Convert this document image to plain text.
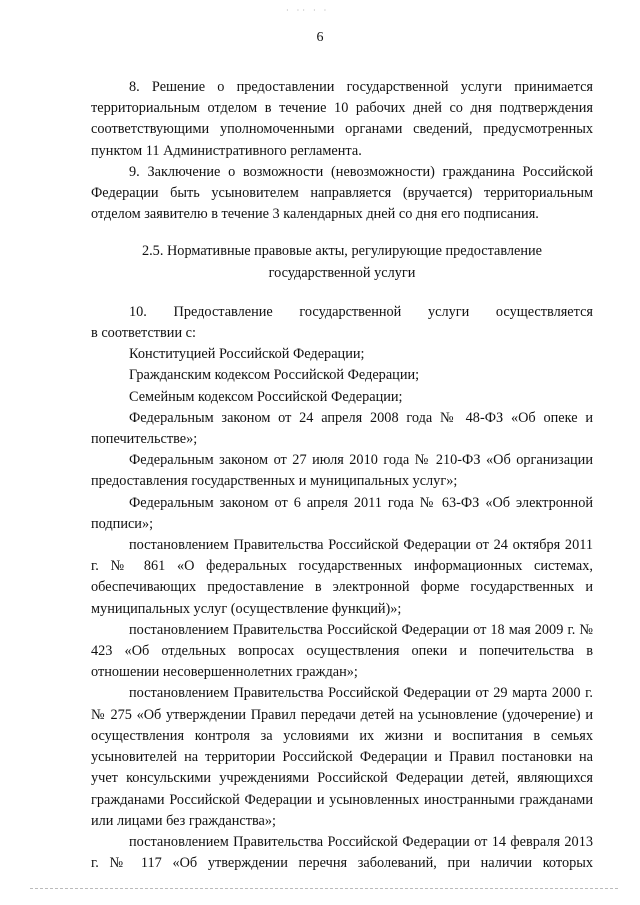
· ·· · ·
6

8. Решение о предоставлении государственной услуги принимается территориальным отделом в течение 10 рабочих дней со дня подтверждения соответствующими уполномоченными органами сведений, предусмотренных пунктом 11 Административного регламента.

9. Заключение о возможности (невозможности) гражданина Российской Федерации быть усыновителем направляется (вручается) территориальным отделом заявителю в течение 3 календарных дней со дня его подписания.

2.5. Нормативные правовые акты, регулирующие предоставление
государственной услуги

10. Предоставление государственной услуги осуществляется

в соответствии с:

Конституцией Российской Федерации;

Гражданским кодексом Российской Федерации;

Семейным кодексом Российской Федерации;

Федеральным законом от 24 апреля 2008 года № 48-ФЗ «Об опеке и попечительстве»;

Федеральным законом от 27 июля 2010 года № 210-ФЗ «Об организации предоставления государственных и муниципальных услуг»;

Федеральным законом от 6 апреля 2011 года № 63-ФЗ «Об электронной подписи»;

постановлением Правительства Российской Федерации от 24 октября 2011 г. № 861 «О федеральных государственных информационных системах, обеспечивающих предоставление в электронной форме государственных и муниципальных услуг (осуществление функций)»;

постановлением Правительства Российской Федерации от 18 мая 2009 г. № 423 «Об отдельных вопросах осуществления опеки и попечительства в отношении несовершеннолетних граждан»;

постановлением Правительства Российской Федерации от 29 марта 2000 г. № 275 «Об утверждении Правил передачи детей на усыновление (удочерение) и осуществления контроля за условиями их жизни и воспитания в семьях усыновителей на территории Российской Федерации и Правил постановки на учет консульскими учреждениями Российской Федерации детей, являющихся гражданами Российской Федерации и усыновленных иностранными гражданами или лицами без гражданства»;

постановлением Правительства Российской Федерации от 14 февраля 2013 г. № 117 «Об утверждении перечня заболеваний, при наличии которых
